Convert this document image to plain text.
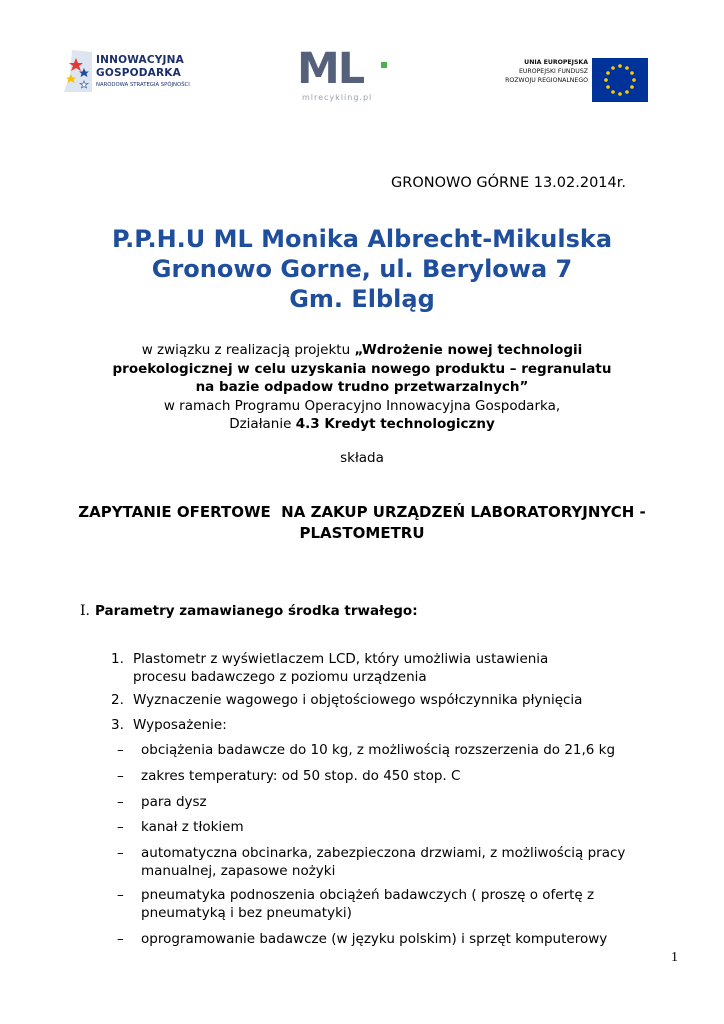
INNOWACYJNA
GOSPODARKA
NARODOWA STRATEGIA SPÓJNOŚCI ML
mlrecykling.pl
UNIA EUROPEJSKA
EUROPEJSKI FUNDUSZ
ROZWOJU REGIONALNEGO
GRONOWO GÓRNE 13.02.2014r.
P.P.H.U ML Monika Albrecht-Mikulska
Gronowo Gorne, ul. Berylowa 7
Gm. Elbląg
w związku z realizacją projektu „Wdrożenie nowej technologii
proekologicznej w celu uzyskania nowego produktu – regranulatu
na bazie odpadow trudno przetwarzalnych”
w ramach Programu Operacyjno Innowacyjna Gospodarka,
Działanie 4.3 Kredyt technologiczny
składa
ZAPYTANIE OFERTOWE  NA ZAKUP URZĄDZEŃ LABORATORYJNYCH -
PLASTOMETRU
I. Parametry zamawianego środka trwałego:
1. Plastometr z wyświetlaczem LCD, który umożliwia ustawienia      procesu badawczego z poziomu urządzenia
2. Wyznaczenie wagowego i objętościowego współczynnika płynięcia
3. Wyposażenie:
– obciążenia badawcze do 10 kg, z możliwością rozszerzenia do 21,6 kg
– zakres temperatury: od 50 stop. do 450 stop. C
– para dysz
– kanał z tłokiem
– automatyczna obcinarka, zabezpieczona drzwiami, z możliwością pracy manualnej, zapasowe nożyki
– pneumatyka podnoszenia obciążeń badawczych ( proszę o ofertę z pneumatyką i bez pneumatyki)
– oprogramowanie badawcze (w języku polskim) i sprzęt komputerowy
1
